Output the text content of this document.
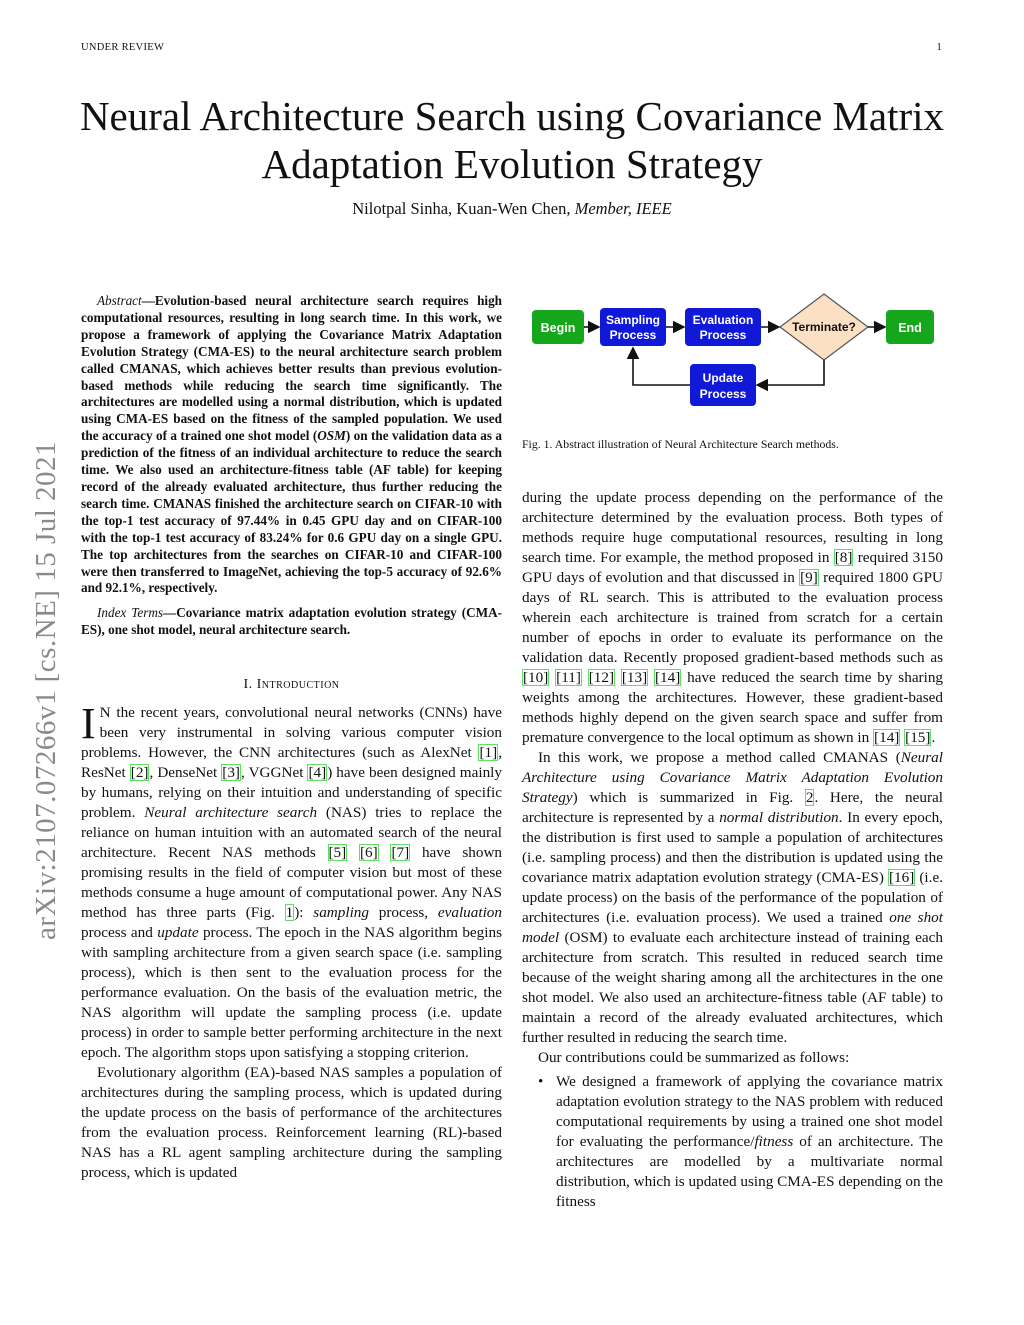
UNDER REVIEW	1
Neural Architecture Search using Covariance Matrix
Adaptation Evolution Strategy
Nilotpal Sinha, Kuan-Wen Chen, Member, IEEE
arXiv:2107.07266v1 [cs.NE] 15 Jul 2021

Abstract—Evolution-based neural architecture search requires high computational resources, resulting in long search time. In this work, we propose a framework of applying the Covariance Matrix Adaptation Evolution Strategy (CMA-ES) to the neural architecture search problem called CMANAS, which achieves better results than previous evolution-based methods while reducing the search time significantly. The architectures are modelled using a normal distribution, which is updated using CMA-ES based on the fitness of the sampled population. We used the accuracy of a trained one shot model (OSM) on the validation data as a prediction of the fitness of an individual architecture to reduce the search time. We also used an architecture-fitness table (AF table) for keeping record of the already evaluated architecture, thus further reducing the search time. CMANAS finished the architecture search on CIFAR-10 with the top-1 test accuracy of 97.44% in 0.45 GPU day and on CIFAR-100 with the top-1 test accuracy of 83.24% for 0.6 GPU day on a single GPU. The top architectures from the searches on CIFAR-10 and CIFAR-100 were then transferred to ImageNet, achieving the top-5 accuracy of 92.6% and 92.1%, respectively.

Index Terms—Covariance matrix adaptation evolution strategy (CMA-ES), one shot model, neural architecture search.

I. Introduction

I N the recent years, convolutional neural networks (CNNs) have been very instrumental in solving various computer vision problems. However, the CNN architectures (such as AlexNet [1], ResNet [2], DenseNet [3], VGGNet [4]) have been designed mainly by humans, relying on their intuition and understanding of specific problem. Neural architecture search (NAS) tries to replace the reliance on human intuition with an automated search of the neural architecture. Recent NAS methods [5] [6] [7] have shown promising results in the field of computer vision but most of these methods consume a huge amount of computational power. Any NAS method has three parts (Fig. 1): sampling process, evaluation process and update process. The epoch in the NAS algorithm begins with sampling architecture from a given search space (i.e. sampling process), which is then sent to the evaluation process for the performance evaluation. On the basis of the evaluation metric, the NAS algorithm will update the sampling process (i.e. update process) in order to sample better performing architecture in the next epoch. The algorithm stops upon satisfying a stopping criterion.

Evolutionary algorithm (EA)-based NAS samples a population of architectures during the sampling process, which is updated during the update process on the basis of performance of the architectures from the evaluation process. Reinforcement learning (RL)-based NAS has a RL agent sampling architecture during the sampling process, which is updated

Begin
Sampling
Process
Evaluation
Process
Terminate?	End
Update
Process
Fig. 1. Abstract illustration of Neural Architecture Search methods.

during the update process depending on the performance of the architecture determined by the evaluation process. Both types of methods require huge computational resources, resulting in long search time. For example, the method proposed in [8] required 3150 GPU days of evolution and that discussed in [9] required 1800 GPU days of RL search. This is attributed to the evaluation process wherein each architecture is trained from scratch for a certain number of epochs in order to evaluate its performance on the validation data. Recently proposed gradient-based methods such as [10] [11] [12] [13] [14] have reduced the search time by sharing weights among the architectures. However, these gradient-based methods highly depend on the given search space and suffer from premature convergence to the local optimum as shown in [14] [15].

In this work, we propose a method called CMANAS (Neural Architecture using Covariance Matrix Adaptation Evolution Strategy) which is summarized in Fig. 2. Here, the neural architecture is represented by a normal distribution. In every epoch, the distribution is first used to sample a population of architectures (i.e. sampling process) and then the distribution is updated using the covariance matrix adaptation evolution strategy (CMA-ES) [16] (i.e. update process) on the basis of the performance of the population of architectures (i.e. evaluation process). We used a trained one shot model (OSM) to evaluate each architecture instead of training each architecture from scratch. This resulted in reduced search time because of the weight sharing among all the architectures in the one shot model. We also used an architecture-fitness table (AF table) to maintain a record of the already evaluated architectures, which further resulted in reducing the search time.

Our contributions could be summarized as follows:

• We designed a framework of applying the covariance matrix adaptation evolution strategy to the NAS problem with reduced computational requirements by using a trained one shot model for evaluating the performance/fitness of an architecture. The architectures are modelled by a multivariate normal distribution, which is updated using CMA-ES depending on the fitness
